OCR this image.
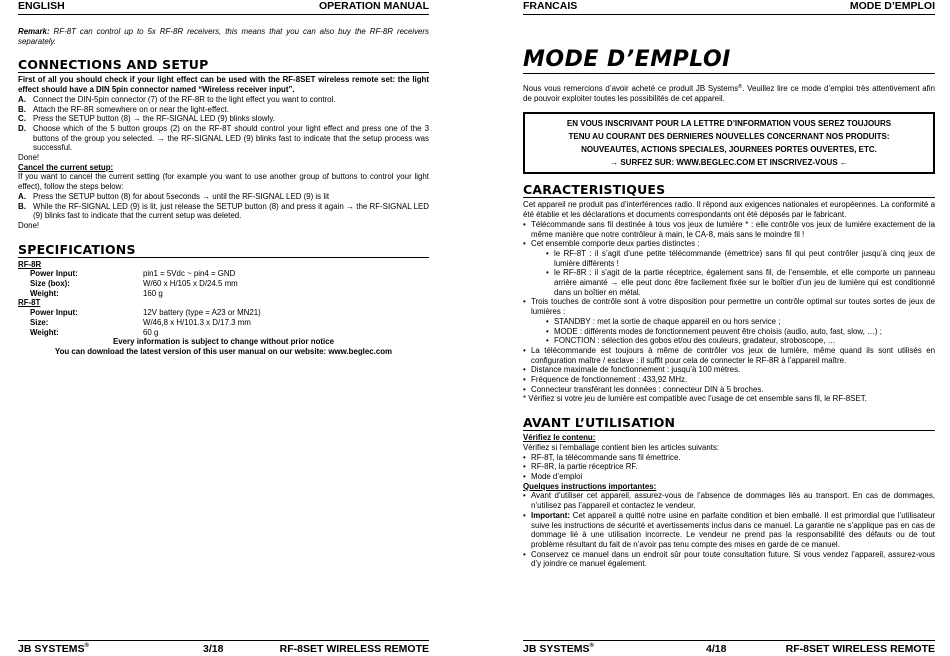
ENGLISH	OPERATION MANUAL

Remark: RF-8T can control up to 5x RF-8R receivers, this means that you can also buy the RF-8R receivers separately.

CONNECTIONS AND SETUP

First of all you should check if your light effect can be used with the RF-8SET wireless remote set: the light effect should have a DIN 5pin connector named “Wireless receiver input”.

A. Connect the DIN-5pin connector (7) of the RF-8R to the light effect you want to control.
B. Attach the RF-8R somewhere on or near the light-effect.
C. Press the SETUP button (8) → the RF-SIGNAL LED (9) blinks slowly.
D. Choose which of the 5 button groups (2) on the RF-8T should control your light effect and press one of the 3 buttons of the group you selected. → the RF-SIGNAL LED (9) blinks fast to indicate that the setup process was successful.

Done!

Cancel the current setup:

If you want to cancel the current setting (for example you want to use another group of buttons to control your light effect), follow the steps below:

A. Press the SETUP button (8) for about 5seconds → until the RF-SIGNAL LED (9) is lit
B. While the RF-SIGNAL LED (9) is lit, just release the SETUP button (8) and press it again → the RF-SIGNAL LED (9) blinks fast to indicate that the current setup was deleted.

Done!

SPECIFICATIONS

RF-8R

Power Input:	pin1 = 5Vdc ~ pin4 = GND
Size (box):	W/60 x H/105 x D/24.5 mm
Weight:	160 g

RF-8T

Power Input:	12V battery (type = A23 or MN21)
Size:	W/46,8 x H/101.3 x D/17.3 mm
Weight:	60 g

Every information is subject to change without prior notice

You can download the latest version of this user manual on our website: www.beglec.com

JB SYSTEMS®	3/18	RF-8SET WIRELESS REMOTE
FRANCAIS	MODE D’EMPLOI
MODE D’EMPLOI

Nous vous remercions d’avoir acheté ce produit JB Systems®. Veuillez lire ce mode d’emploi très attentivement afin de pouvoir exploiter toutes les possibilités de cet appareil.

EN VOUS INSCRIVANT POUR LA LETTRE D’INFORMATION VOUS SEREZ TOUJOURS
TENU AU COURANT DES DERNIERES NOUVELLES CONCERNANT NOS PRODUITS:
NOUVEAUTES, ACTIONS SPECIALES, JOURNEES PORTES OUVERTES, ETC.
→ SURFEZ SUR: WWW.BEGLEC.COM ET INSCRIVEZ-VOUS ←
CARACTERISTIQUES

Cet appareil ne produit pas d’interférences radio. Il répond aux exigences nationales et européennes. La conformité a été établie et les déclarations et documents correspondants ont été déposés par le fabricant.

• Télécommande sans fil destinée à tous vos jeux de lumière * : elle contrôle vos jeux de lumière exactement de la même manière que notre contrôleur à main, le CA-8, mais sans le moindre fil !
• Cet ensemble comporte deux parties distinctes :
• le RF-8T : il s’agit d’une petite télécommande (émettrice) sans fil qui peut contrôler jusqu’à cinq jeux de lumière différents !
• le RF-8R : il s’agit de la partie réceptrice, également sans fil, de l’ensemble, et elle comporte un panneau arrière aimanté → elle peut donc être facilement fixée sur le boîtier d’un jeu de lumière qui est conditionné dans un boîtier en métal.
• Trois touches de contrôle sont à votre disposition pour permettre un contrôle optimal sur toutes sortes de jeux de lumières :
• STANDBY : met la sortie de chaque appareil en ou hors service ;
• MODE : différents modes de fonctionnement peuvent être choisis (audio, auto, fast, slow, …) ;
• FONCTION : sélection des gobos et/ou des couleurs, gradateur, stroboscope, …
• La télécommande est toujours à même de contrôler vos jeux de lumière, même quand ils sont utilisés en configuration maître / esclave : il suffit pour cela de connecter le RF-8R à l’appareil maître.
• Distance maximale de fonctionnement : jusqu’à 100 mètres.
• Fréquence de fonctionnement : 433,92 MHz.
• Connecteur transférant les données : connecteur DIN à 5 broches.

* Vérifiez si votre jeu de lumière est compatible avec l’usage de cet ensemble sans fil, le RF-8SET.

AVANT L’UTILISATION

Vérifiez le contenu:

Vérifiez si l’emballage contient bien les articles suivants:

• RF-8T, la télécommande sans fil émettrice.
• RF-8R, la partie réceptrice RF.
• Mode d’emploi

Quelques instructions importantes:

• Avant d’utiliser cet appareil, assurez-vous de l’absence de dommages liés au transport. En cas de dommages, n’utilisez pas l’appareil et contactez le vendeur.
• Important: Cet appareil a quitté notre usine en parfaite condition et bien emballé. Il est primordial que l’utilisateur suive les instructions de sécurité et avertissements inclus dans ce manuel. La garantie ne s’applique pas en cas de dommage lié à une utilisation incorrecte. Le vendeur ne prend pas la responsabilité des défauts ou de tout problème résultant du fait de n’avoir pas tenu compte des mises en garde de ce manuel.
• Conservez ce manuel dans un endroit sûr pour toute consultation future. Si vous vendez l’appareil, assurez-vous d’y joindre ce manuel également.
JB SYSTEMS®	4/18	RF-8SET WIRELESS REMOTE
